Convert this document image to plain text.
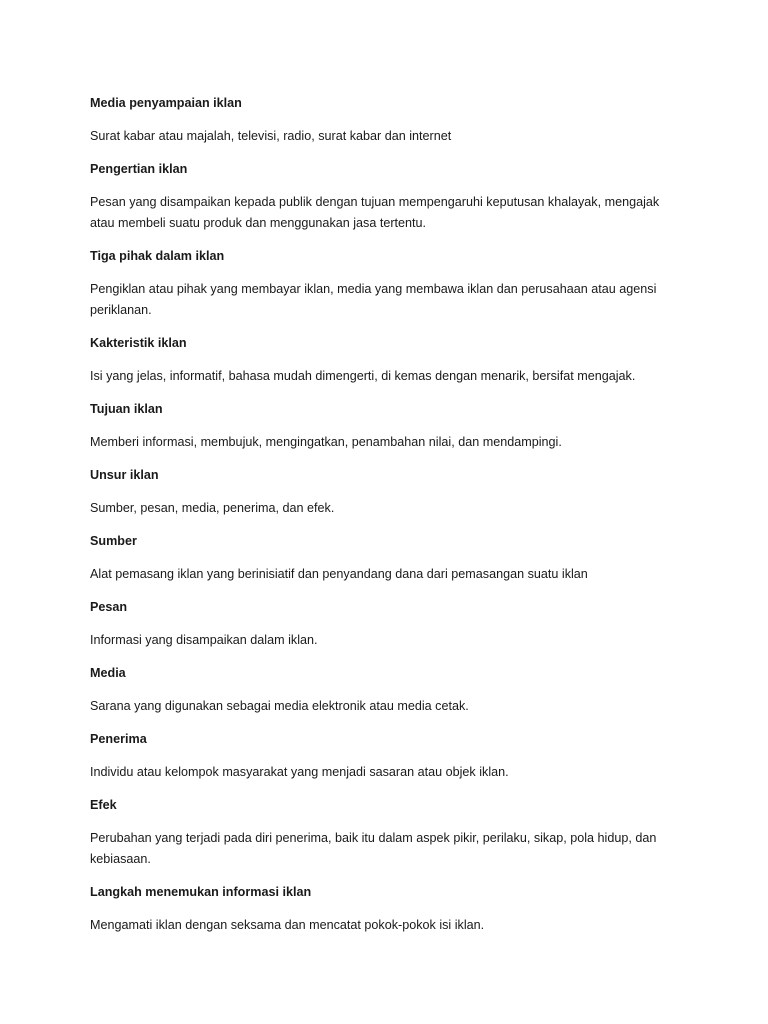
Media penyampaian iklan
Surat kabar atau majalah, televisi, radio, surat kabar dan internet
Pengertian iklan
Pesan yang disampaikan kepada publik dengan tujuan mempengaruhi keputusan khalayak, mengajak atau membeli suatu produk dan menggunakan jasa tertentu.
Tiga pihak dalam iklan
Pengiklan atau pihak yang membayar iklan, media yang membawa iklan dan perusahaan atau agensi periklanan.
Kakteristik iklan
Isi yang jelas, informatif, bahasa mudah dimengerti, di kemas dengan menarik, bersifat mengajak.
Tujuan iklan
Memberi informasi, membujuk, mengingatkan, penambahan nilai, dan mendampingi.
Unsur iklan
Sumber, pesan, media, penerima, dan efek.
Sumber
Alat pemasang iklan yang berinisiatif dan penyandang dana dari pemasangan suatu iklan
Pesan
Informasi yang disampaikan dalam iklan.
Media
Sarana yang digunakan sebagai media elektronik atau media cetak.
Penerima
Individu atau kelompok masyarakat yang menjadi sasaran atau objek iklan.
Efek
Perubahan yang terjadi pada diri penerima, baik itu dalam aspek pikir, perilaku, sikap, pola hidup, dan kebiasaan.
Langkah menemukan informasi iklan
Mengamati iklan dengan seksama dan mencatat pokok-pokok isi iklan.
